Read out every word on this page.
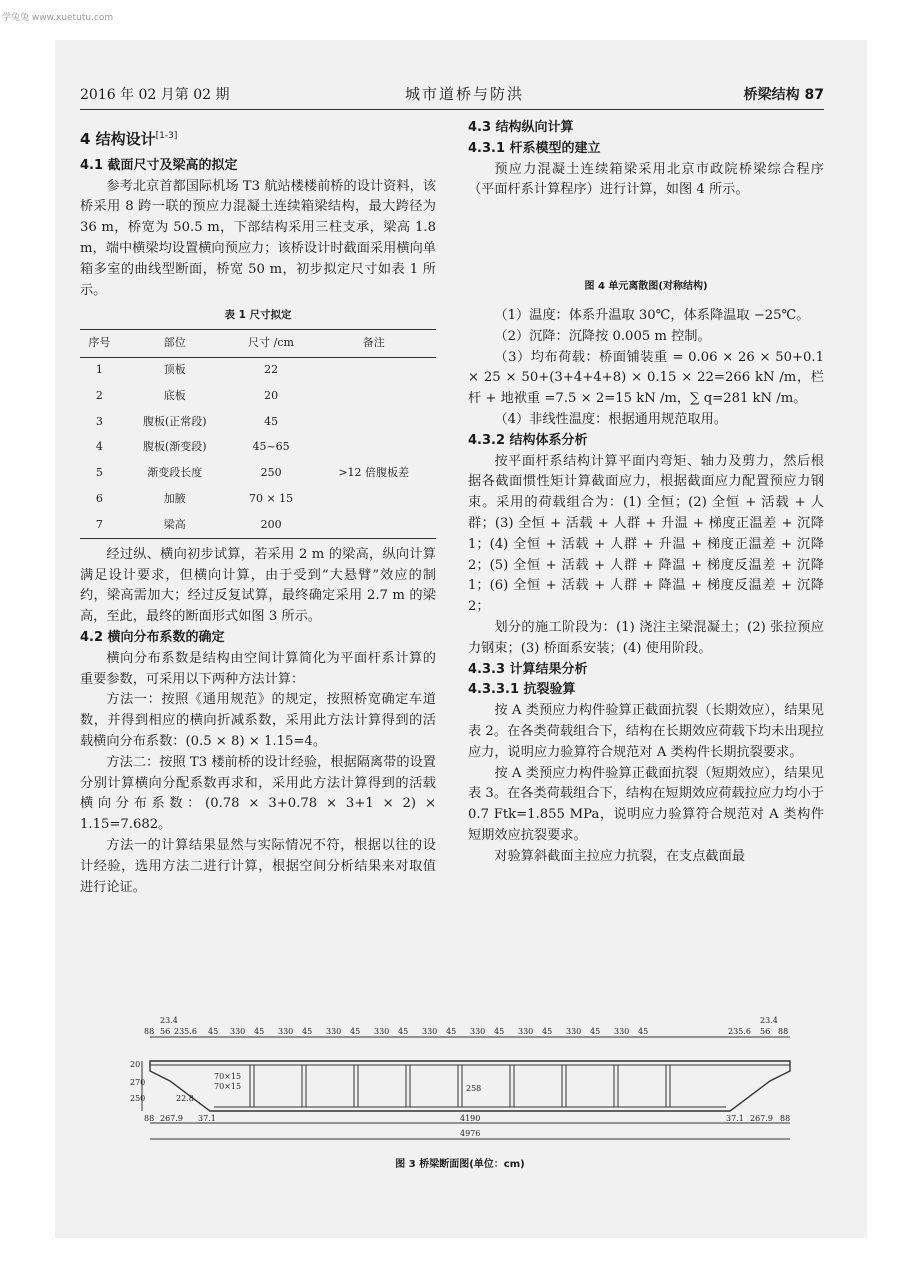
学兔兔 www.xuetutu.com
2016 年 02 月第 02 期	城市道桥与防洪	桥梁结构 87
4 结构设计[1-3]
4.1 截面尺寸及梁高的拟定

参考北京首都国际机场 T3 航站楼楼前桥的设计资料，该桥采用 8 跨一联的预应力混凝土连续箱梁结构，最大跨径为 36 m，桥宽为 50.5 m，下部结构采用三柱支承，梁高 1.8 m，端中横梁均设置横向预应力；该桥设计时截面采用横向单箱多室的曲线型断面，桥宽 50 m，初步拟定尺寸如表 1 所示。

表 1 尺寸拟定
序号	部位	尺寸 /cm	备注
1	顶板	22	
2	底板	20	
3	腹板(正常段)	45	
4	腹板(渐变段)	45~65	
5	渐变段长度	250	>12 倍腹板差
6	加腋	70 × 15	
7	梁高	200	

经过纵、横向初步试算，若采用 2 m 的梁高，纵向计算满足设计要求，但横向计算，由于受到“大悬臂”效应的制约，梁高需加大；经过反复试算，最终确定采用 2.7 m 的梁高，至此，最终的断面形式如图 3 所示。

4.2 横向分布系数的确定

横向分布系数是结构由空间计算简化为平面杆系计算的重要参数，可采用以下两种方法计算：

方法一：按照《通用规范》的规定，按照桥宽确定车道数，并得到相应的横向折减系数，采用此方法计算得到的活载横向分布系数：(0.5 × 8) × 1.15=4。

方法二：按照 T3 楼前桥的设计经验，根据隔离带的设置分别计算横向分配系数再求和，采用此方法计算得到的活载横向分布系数：(0.78 × 3+0.78 × 3+1 × 2) × 1.15=7.682。

方法一的计算结果显然与实际情况不符，根据以往的设计经验，选用方法二进行计算，根据空间分析结果来对取值进行论证。

4.3 结构纵向计算
4.3.1 杆系模型的建立

预应力混凝土连续箱梁采用北京市政院桥梁综合程序（平面杆系计算程序）进行计算，如图 4 所示。

图 4 单元离散图(对称结构)

（1）温度：体系升温取 30℃，体系降温取 −25℃。

（2）沉降：沉降按 0.005 m 控制。

（3）均布荷载：桥面铺装重 = 0.06 × 26 × 50+0.1 × 25 × 50+(3+4+4+8) × 0.15 × 22=266 kN /m，栏杆 + 地袱重 =7.5 × 2=15 kN /m，∑ q=281 kN /m。

（4）非线性温度：根据通用规范取用。

4.3.2 结构体系分析

按平面杆系结构计算平面内弯矩、轴力及剪力，然后根据各截面惯性矩计算截面应力，根据截面应力配置预应力钢束。采用的荷载组合为：(1) 全恒；(2) 全恒 + 活载 + 人群；(3) 全恒 + 活载 + 人群 + 升温 + 梯度正温差 + 沉降 1；(4) 全恒 + 活载 + 人群 + 升温 + 梯度正温差 + 沉降 2；(5) 全恒 + 活载 + 人群 + 降温 + 梯度反温差 + 沉降 1；(6) 全恒 + 活载 + 人群 + 降温 + 梯度反温差 + 沉降 2；

划分的施工阶段为：(1) 浇注主梁混凝土；(2) 张拉预应力钢束；(3) 桥面系安装；(4) 使用阶段。

4.3.3 计算结果分析
4.3.3.1 抗裂验算

按 A 类预应力构件验算正截面抗裂（长期效应），结果见表 2。在各类荷载组合下，结构在长期效应荷载下均未出现拉应力，说明应力验算符合规范对 A 类构件长期抗裂要求。

按 A 类预应力构件验算正截面抗裂（短期效应），结果见表 3。在各类荷载组合下，结构在短期效应荷载拉应力均小于 0.7 Ftk=1.855 MPa，说明应力验算符合规范对 A 类构件短期效应抗裂要求。

对验算斜截面主拉应力抗裂，在支点截面最

23.4	23.4
88 56 235.6 45 330 45 330 45 330 45 330 45 330 45 330 45 330 45 330 45 330 45	235.6 56 88
20
270
250
70×15
70×15
22.8
258
88 267.9 37.1	4190	37.1 267.9 88
4976
图 3 桥梁断面图(单位：cm)
